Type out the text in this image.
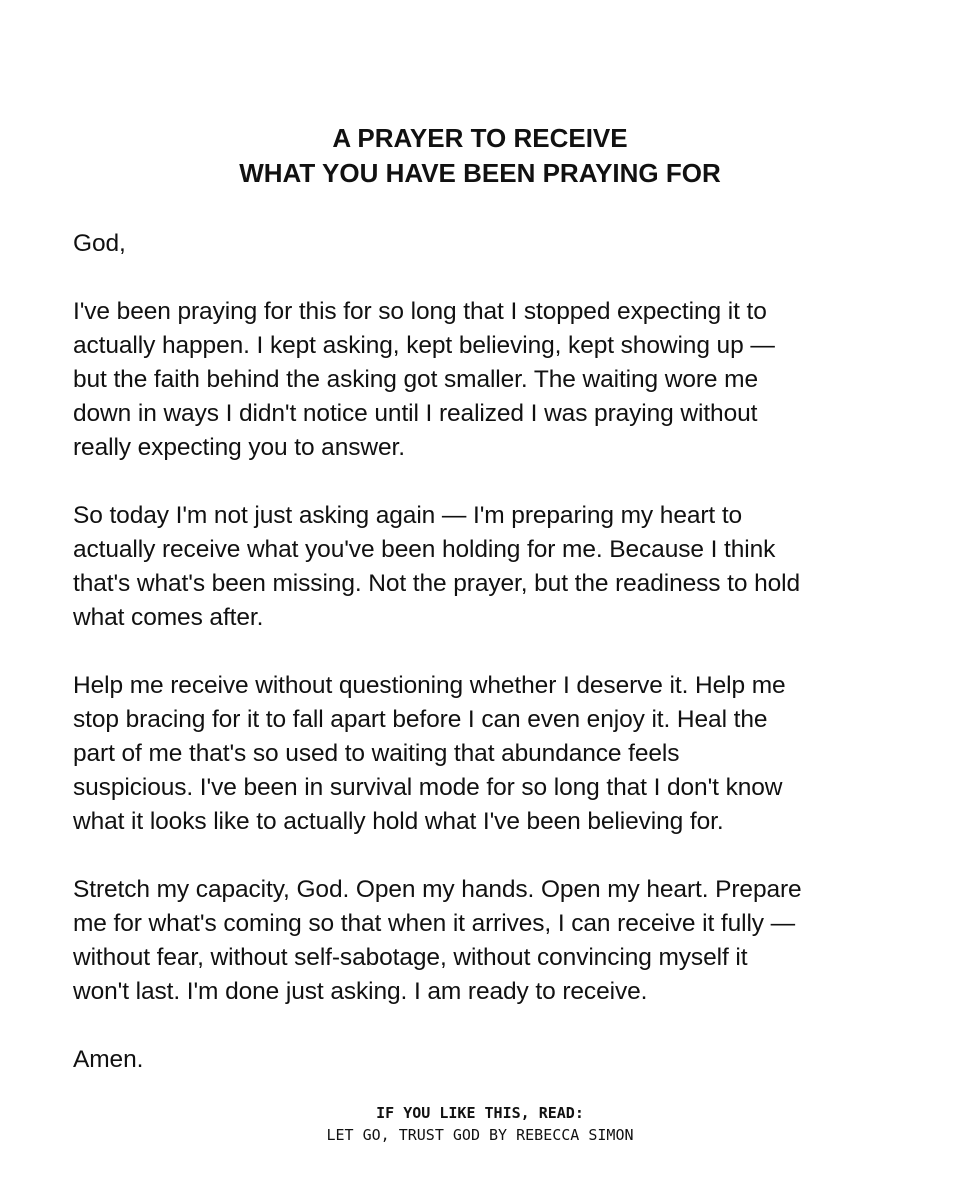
A PRAYER TO RECEIVE
WHAT YOU HAVE BEEN PRAYING FOR

God,

I've been praying for this for so long that I stopped expecting it to
actually happen. I kept asking, kept believing, kept showing up —
but the faith behind the asking got smaller. The waiting wore me
down in ways I didn't notice until I realized I was praying without
really expecting you to answer.

So today I'm not just asking again — I'm preparing my heart to
actually receive what you've been holding for me. Because I think
that's what's been missing. Not the prayer, but the readiness to hold
what comes after.

Help me receive without questioning whether I deserve it. Help me
stop bracing for it to fall apart before I can even enjoy it. Heal the
part of me that's so used to waiting that abundance feels
suspicious. I've been in survival mode for so long that I don't know
what it looks like to actually hold what I've been believing for.

Stretch my capacity, God. Open my hands. Open my heart. Prepare
me for what's coming so that when it arrives, I can receive it fully —
without fear, without self-sabotage, without convincing myself it
won't last. I'm done just asking. I am ready to receive.

Amen.

IF YOU LIKE THIS, READ:
LET GO, TRUST GOD BY REBECCA SIMON
